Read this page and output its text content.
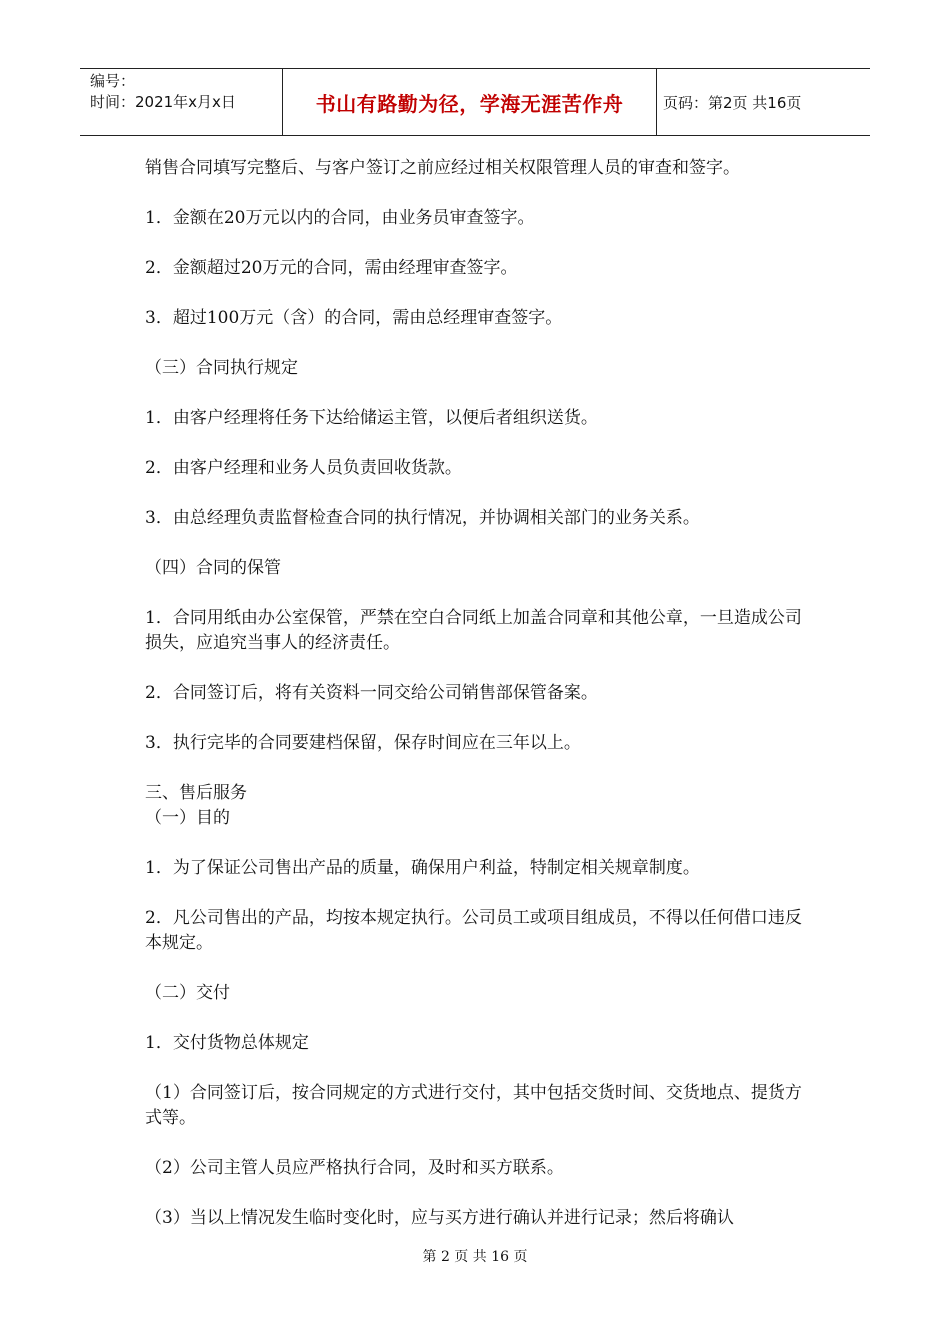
编号：
时间：2021年x月x日	书山有路勤为径，学海无涯苦作舟	页码：第2页 共16页

销售合同填写完整后、与客户签订之前应经过相关权限管理人员的审查和签字。

1．金额在20万元以内的合同，由业务员审查签字。

2．金额超过20万元的合同，需由经理审查签字。

3．超过100万元（含）的合同，需由总经理审查签字。

（三）合同执行规定

1．由客户经理将任务下达给储运主管，以便后者组织送货。

2．由客户经理和业务人员负责回收货款。

3．由总经理负责监督检查合同的执行情况，并协调相关部门的业务关系。

（四）合同的保管

1．合同用纸由办公室保管，严禁在空白合同纸上加盖合同章和其他公章，一旦造成公司损失，应追究当事人的经济责任。

2．合同签订后，将有关资料一同交给公司销售部保管备案。

3．执行完毕的合同要建档保留，保存时间应在三年以上。

三、售后服务

（一）目的

1．为了保证公司售出产品的质量，确保用户利益，特制定相关规章制度。

2．凡公司售出的产品，均按本规定执行。公司员工或项目组成员，不得以任何借口违反本规定。

（二）交付

1．交付货物总体规定

（1）合同签订后，按合同规定的方式进行交付，其中包括交货时间、交货地点、提货方式等。

（2）公司主管人员应严格执行合同，及时和买方联系。

（3）当以上情况发生临时变化时，应与买方进行确认并进行记录；然后将确认

第 2 页 共 16 页
